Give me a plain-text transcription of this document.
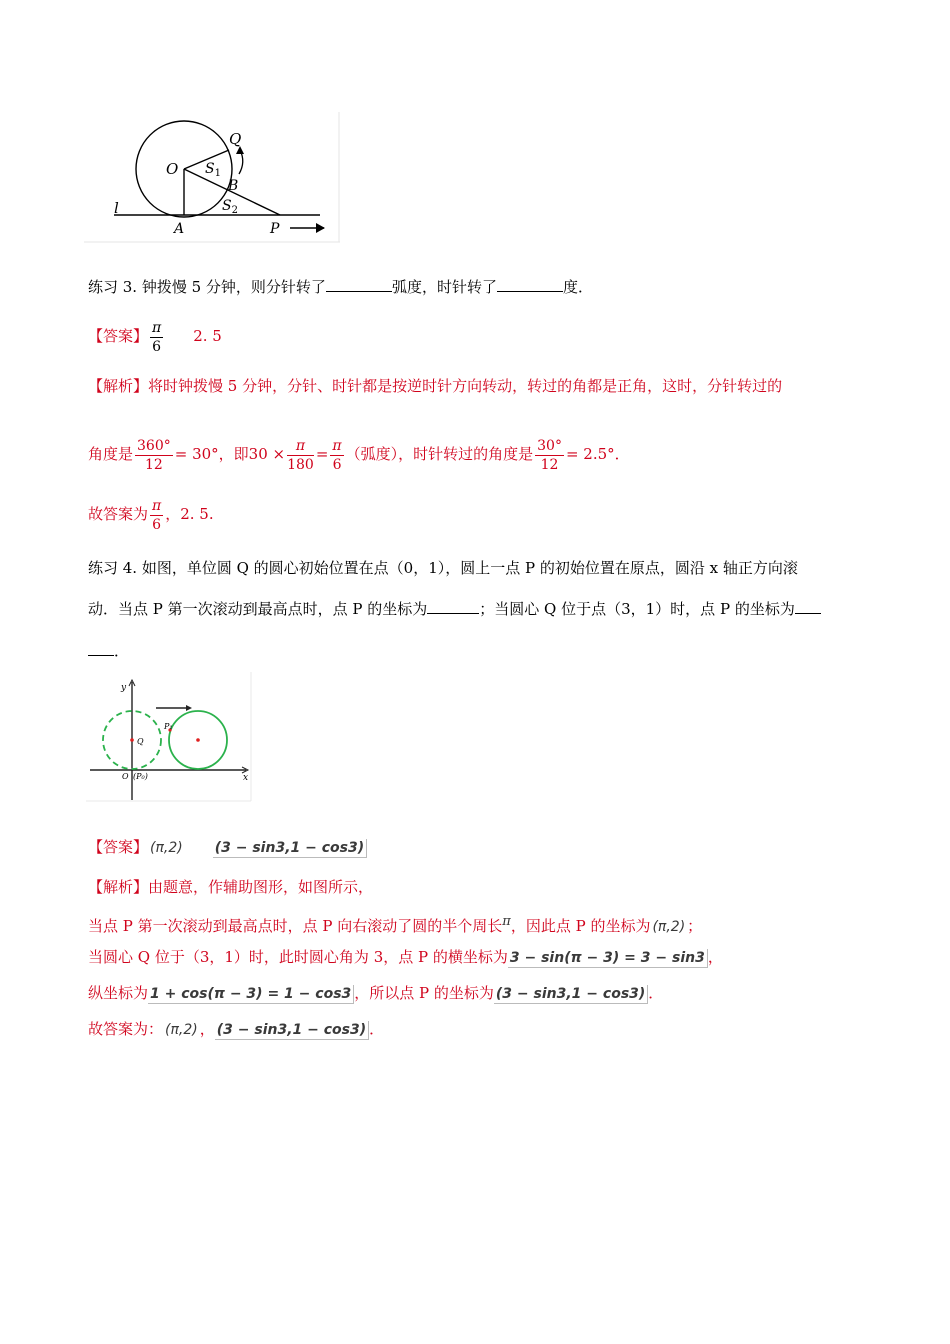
O
Q
B
A	P
l
$S_1$
$S_2$
练习 3. 钟拨慢 5 分钟，则分针转了	弧度，时针转了	度．
【答案】 $\frac{\pi}{6} 2$. 5
【解析】将时钟拨慢 5 分钟，分针、时针都是按逆时针方向转动，转过的角都是正角，这时，分针转过的
角度是 $\frac{360^\circ}{12} = 30^\circ$，即$30 \times \frac{\pi}{180} = \frac{\pi}{6}$ （弧度），时针转过的角度是 $\frac{30^\circ}{12} = 2.5^\circ$．
故答案为 $\frac{\pi}{6}$ ，2. 5.
练习 4. 如图，单位圆 Q 的圆心初始位置在点（0，1），圆上一点 P 的初始位置在原点，圆沿 x 轴正方向滚
动．当点 P 第一次滚动到最高点时，点 P 的坐标为	；当圆心 Q 位于点（3，1）时，点 P 的坐标为
．
y
x
Q
P₁
O (P₀)
【答案】 (π,2) (3 − sin3,1 − cos3)
【解析】由题意，作辅助图形，如图所示，
当点 P 第一次滚动到最高点时，点 P 向右滚动了圆的半个周长π，因此点 P 的坐标为 (π,2) ；
当圆心 Q 位于（3，1）时，此时圆心角为 3，点 P 的横坐标为 3 − sin(π − 3) = 3 − sin3 ，
纵坐标为 1 + cos(π − 3) = 1 − cos3 ，所以点 P 的坐标为 (3 − sin3,1 − cos3) ．
故答案为： (π,2) ， (3 − sin3,1 − cos3) ．
